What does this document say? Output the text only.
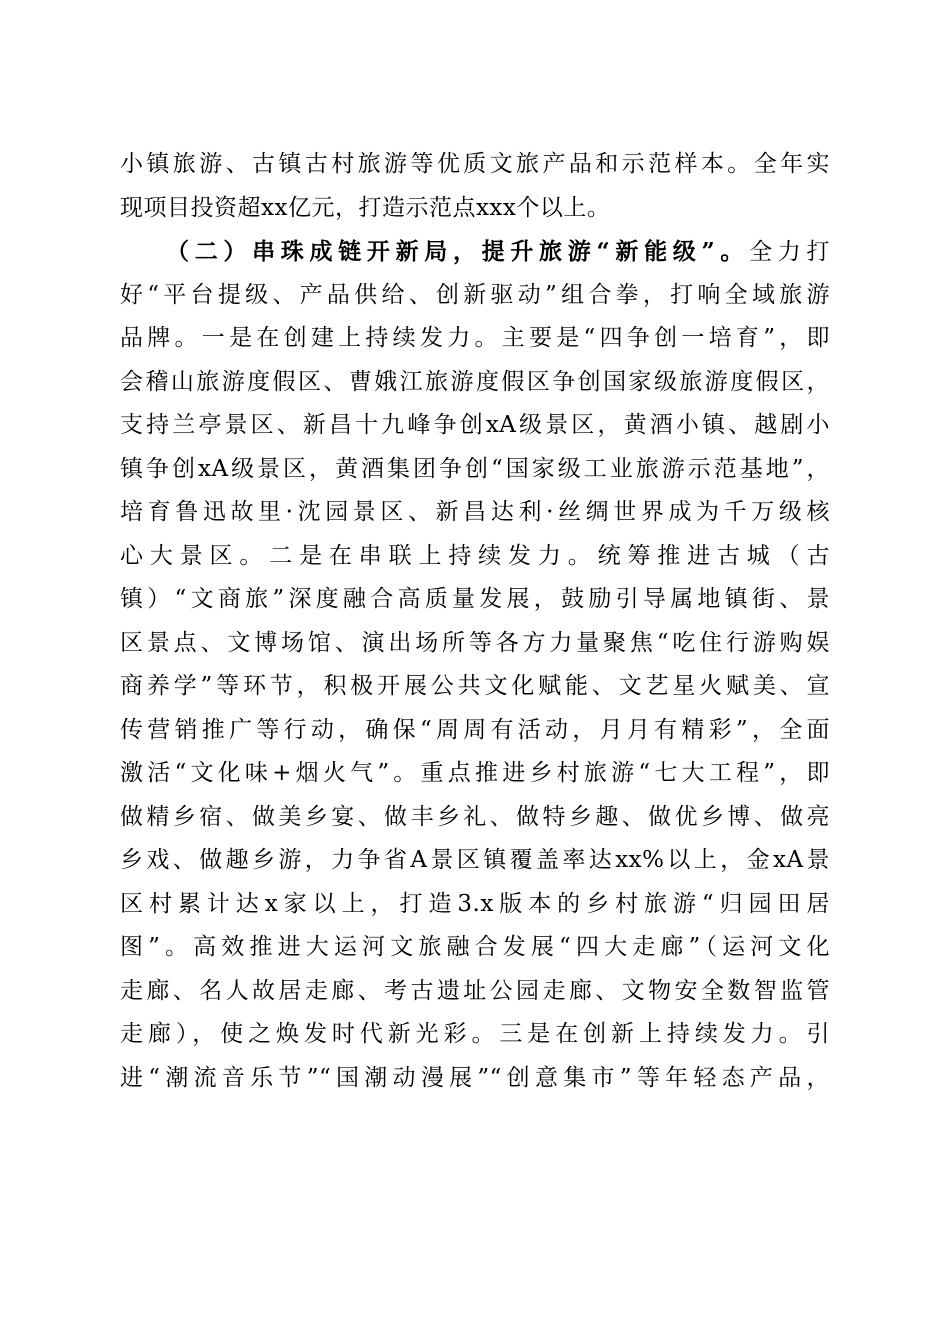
小镇旅游、古镇古村旅游等优质文旅产品和示范样本。全年实
现项目投资超xx亿元，打造示范点xxx个以上。
（二）串珠成链开新局，提升旅游“新能级”。全力打
好“平台提级、产品供给、创新驱动”组合拳，打响全域旅游
品牌。一是在创建上持续发力。主要是“四争创一培育”，即
会稽山旅游度假区、曹娥江旅游度假区争创国家级旅游度假区，
支持兰亭景区、新昌十九峰争创xA级景区，黄酒小镇、越剧小
镇争创xA级景区，黄酒集团争创“国家级工业旅游示范基地”，
培育鲁迅故里·沈园景区、新昌达利·丝绸世界成为千万级核
心大景区。二是在串联上持续发力。统筹推进古城（古
镇）“文商旅”深度融合高质量发展，鼓励引导属地镇街、景
区景点、文博场馆、演出场所等各方力量聚焦“吃住行游购娱
商养学”等环节，积极开展公共文化赋能、文艺星火赋美、宣
传营销推广等行动，确保“周周有活动，月月有精彩”，全面
激活“文化味+烟火气”。重点推进乡村旅游“七大工程”，即
做精乡宿、做美乡宴、做丰乡礼、做特乡趣、做优乡博、做亮
乡戏、做趣乡游，力争省A景区镇覆盖率达xx%以上，金xA景
区村累计达x家以上，打造3.x版本的乡村旅游“归园田居
图”。高效推进大运河文旅融合发展“四大走廊”（运河文化
走廊、名人故居走廊、考古遗址公园走廊、文物安全数智监管
走廊），使之焕发时代新光彩。三是在创新上持续发力。引
进“潮流音乐节”“国潮动漫展”“创意集市”等年轻态产品，
